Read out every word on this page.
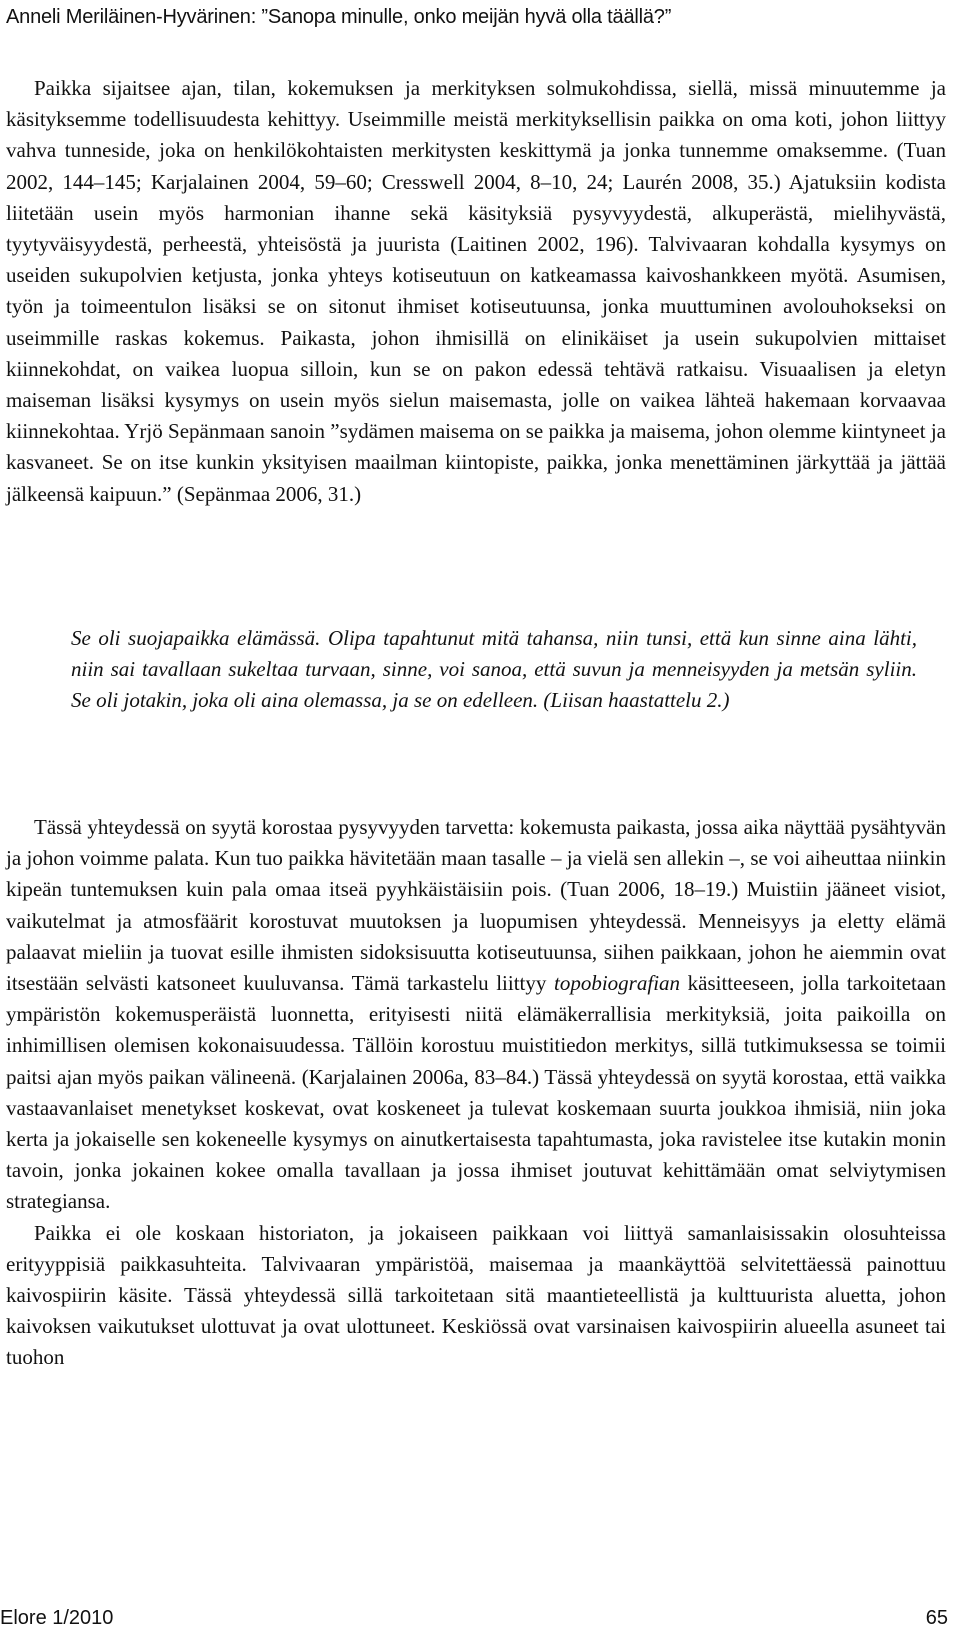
Anneli Meriläinen-Hyvärinen: ”Sanopa minulle, onko meijän hyvä olla täällä?”

Paikka sijaitsee ajan, tilan, kokemuksen ja merkityksen solmukohdissa, siellä, missä minuutemme ja käsityksemme todellisuudesta kehittyy. Useimmille meistä merkityksellisin paikka on oma koti, johon liittyy vahva tunneside, joka on henkilökohtaisten merkitysten keskittymä ja jonka tunnemme omaksemme. (Tuan 2002, 144–145; Karjalainen 2004, 59–60; Cresswell 2004, 8–10, 24; Laurén 2008, 35.) Ajatuksiin kodista liitetään usein myös harmonian ihanne sekä käsityksiä pysyvyydestä, alkuperästä, mielihyvästä, tyytyväisyydestä, perheestä, yhteisöstä ja juurista (Laitinen 2002, 196). Talvivaaran kohdalla kysymys on useiden sukupolvien ketjusta, jonka yhteys kotiseutuun on katkeamassa kaivoshankkeen myötä. Asumisen, työn ja toimeentulon lisäksi se on sitonut ihmiset kotiseutuunsa, jonka muuttuminen avolouhokseksi on useimmille raskas kokemus. Paikasta, johon ihmisillä on elinikäiset ja usein sukupolvien mittaiset kiinnekohdat, on vaikea luopua silloin, kun se on pakon edessä tehtävä ratkaisu. Visuaalisen ja eletyn maiseman lisäksi kysymys on usein myös sielun maisemasta, jolle on vaikea lähteä hakemaan korvaavaa kiinnekohtaa. Yrjö Sepänmaan sanoin ”sydämen maisema on se paikka ja maisema, johon olemme kiintyneet ja kasvaneet. Se on itse kunkin yksityisen maailman kiintopiste, paikka, jonka menettäminen järkyttää ja jättää jälkeensä kaipuun.” (Sepänmaa 2006, 31.)

Se oli suojapaikka elämässä. Olipa tapahtunut mitä tahansa, niin tunsi, että kun sinne aina lähti, niin sai tavallaan sukeltaa turvaan, sinne, voi sanoa, että suvun ja menneisyyden ja metsän syliin. Se oli jotakin, joka oli aina olemassa, ja se on edelleen. (Liisan haastattelu 2.)

Tässä yhteydessä on syytä korostaa pysyvyyden tarvetta: kokemusta paikasta, jossa aika näyttää pysähtyvän ja johon voimme palata. Kun tuo paikka hävitetään maan tasalle – ja vielä sen allekin –, se voi aiheuttaa niinkin kipeän tuntemuksen kuin pala omaa itseä pyyhkäistäisiin pois. (Tuan 2006, 18–19.) Muistiin jääneet visiot, vaikutelmat ja atmosfäärit korostuvat muutoksen ja luopumisen yhteydessä. Menneisyys ja eletty elämä palaavat mieliin ja tuovat esille ihmisten sidoksisuutta kotiseutuunsa, siihen paikkaan, johon he aiemmin ovat itsestään selvästi katsoneet kuuluvansa. Tämä tarkastelu liittyy topobiografian käsitteeseen, jolla tarkoitetaan ympäristön kokemusperäistä luonnetta, erityisesti niitä elämäkerrallisia merkityksiä, joita paikoilla on inhimillisen olemisen kokonaisuudessa. Tällöin korostuu muistitiedon merkitys, sillä tutkimuksessa se toimii paitsi ajan myös paikan välineenä. (Karjalainen 2006a, 83–84.) Tässä yhteydessä on syytä korostaa, että vaikka vastaavanlaiset menetykset koskevat, ovat koskeneet ja tulevat koskemaan suurta joukkoa ihmisiä, niin joka kerta ja jokaiselle sen kokeneelle kysymys on ainutkertaisesta tapahtumasta, joka ravistelee itse kutakin monin tavoin, jonka jokainen kokee omalla tavallaan ja jossa ihmiset joutuvat kehittämään omat selviytymisen strategiansa.

Paikka ei ole koskaan historiaton, ja jokaiseen paikkaan voi liittyä samanlaisissakin olosuhteissa erityyppisiä paikkasuhteita. Talvivaaran ympäristöä, maisemaa ja maankäyttöä selvitettäessä painottuu kaivospiirin käsite. Tässä yhteydessä sillä tarkoitetaan sitä maantieteellistä ja kulttuurista aluetta, johon kaivoksen vaikutukset ulottuvat ja ovat ulottuneet. Keskiössä ovat varsinaisen kaivospiirin alueella asuneet tai tuohon

Elore 1/2010	65
